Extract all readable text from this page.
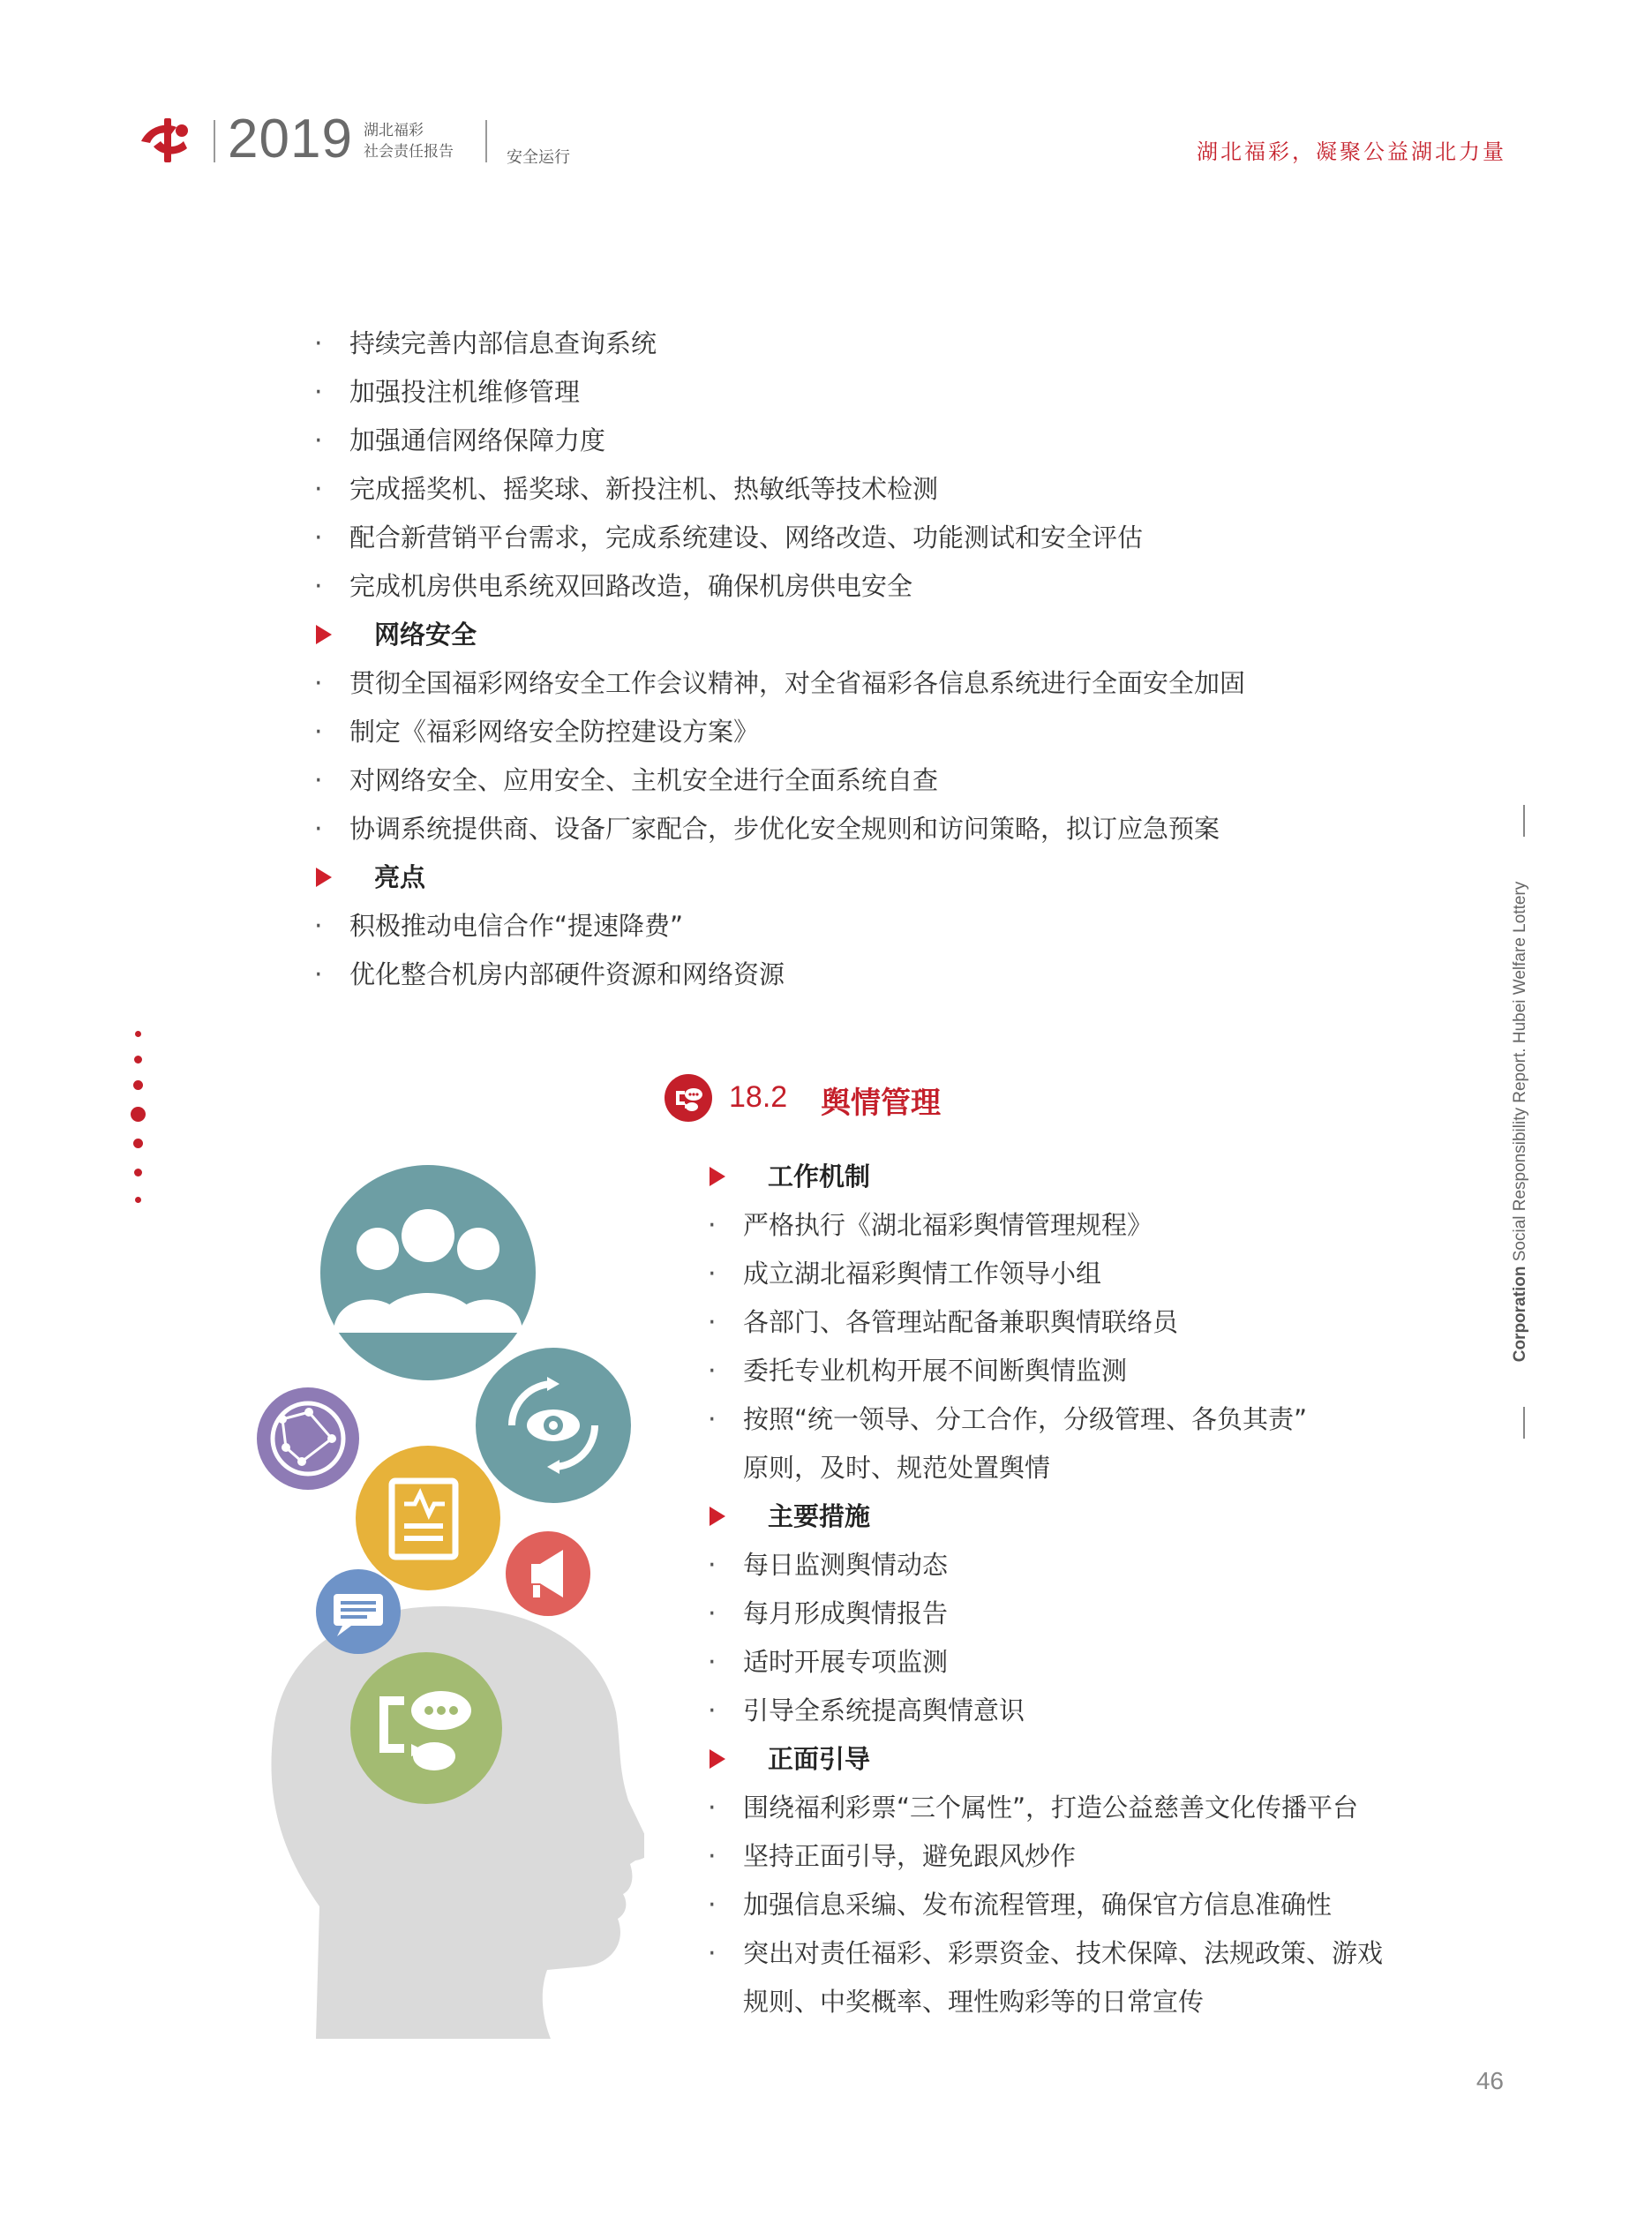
2019 湖北福彩
社会责任报告	安全运行	湖北福彩，凝聚公益湖北力量
Corporation Social Responsibility Report. Hubei Welfare Lottery
· 持续完善内部信息查询系统
· 加强投注机维修管理
· 加强通信网络保障力度
· 完成摇奖机、摇奖球、新投注机、热敏纸等技术检测
· 配合新营销平台需求，完成系统建设、网络改造、功能测试和安全评估
· 完成机房供电系统双回路改造，确保机房供电安全
网络安全
· 贯彻全国福彩网络安全工作会议精神，对全省福彩各信息系统进行全面安全加固
· 制定《福彩网络安全防控建设方案》
· 对网络安全、应用安全、主机安全进行全面系统自查
· 协调系统提供商、设备厂家配合，步优化安全规则和访问策略，拟订应急预案
亮点
· 积极推动电信合作“提速降费”
· 优化整合机房内部硬件资源和网络资源
18.2 舆情管理
工作机制
· 严格执行《湖北福彩舆情管理规程》
· 成立湖北福彩舆情工作领导小组
· 各部门、各管理站配备兼职舆情联络员
· 委托专业机构开展不间断舆情监测
· 按照“统一领导、分工合作，分级管理、各负其责”
原则，及时、规范处置舆情
主要措施
· 每日监测舆情动态
· 每月形成舆情报告
· 适时开展专项监测
· 引导全系统提高舆情意识
正面引导
· 围绕福利彩票“三个属性”，打造公益慈善文化传播平台
· 坚持正面引导，避免跟风炒作
· 加强信息采编、发布流程管理，确保官方信息准确性
· 突出对责任福彩、彩票资金、技术保障、法规政策、游戏
规则、中奖概率、理性购彩等的日常宣传
46
